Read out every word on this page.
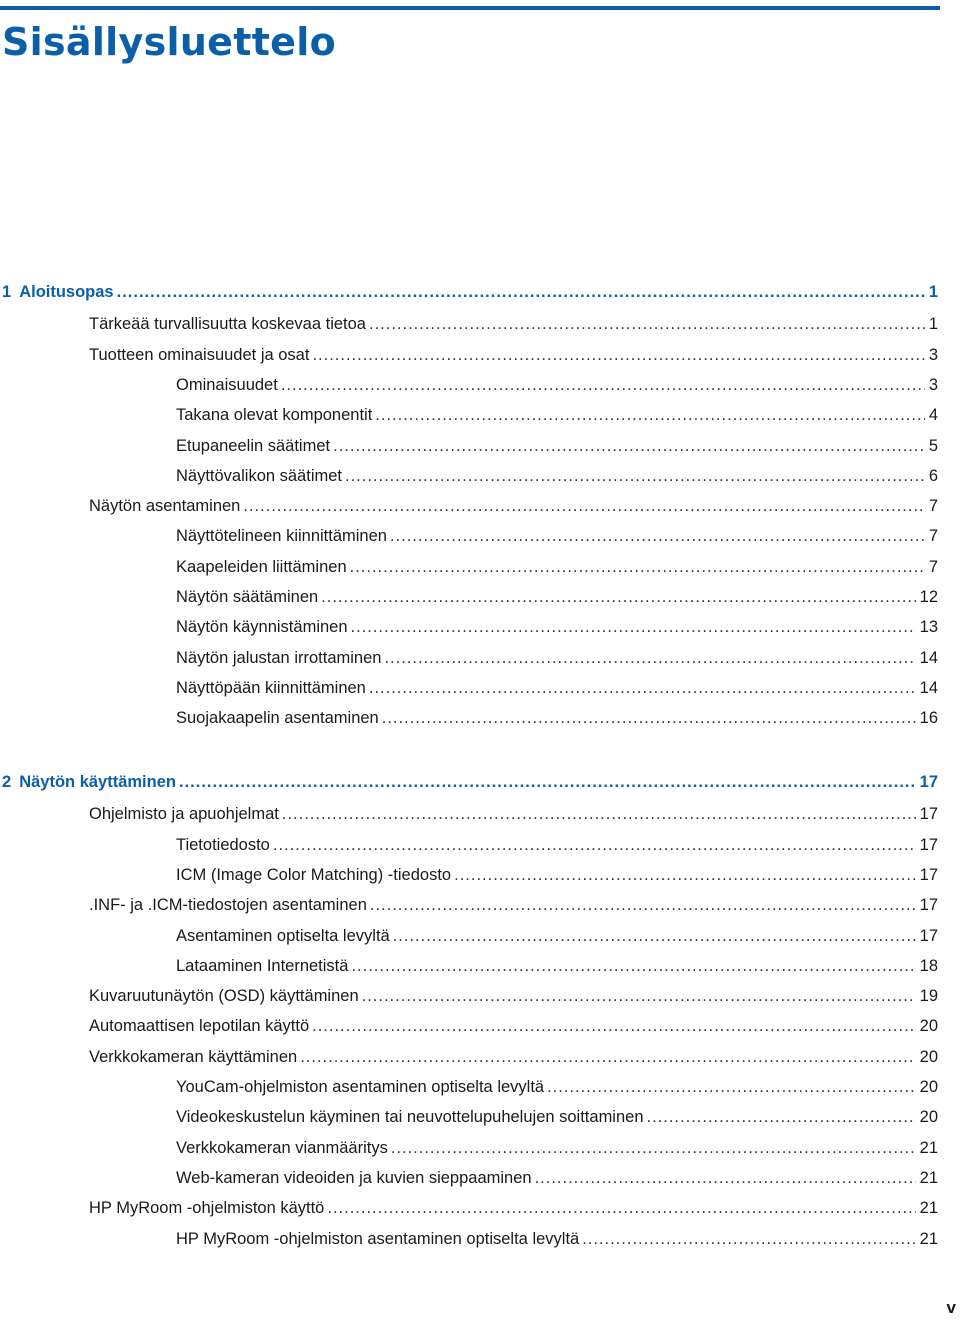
Sisällysluettelo
1 Aloitusopas .....	1
Tärkeää turvallisuutta koskevaa tietoa .....	1
Tuotteen ominaisuudet ja osat .....	3
Ominaisuudet .....	3
Takana olevat komponentit .....	4
Etupaneelin säätimet .....	5
Näyttövalikon säätimet .....	6
Näytön asentaminen .....	7
Näyttötelineen kiinnittäminen .....	7
Kaapeleiden liittäminen .....	7
Näytön säätäminen .....	12
Näytön käynnistäminen .....	13
Näytön jalustan irrottaminen .....	14
Näyttöpään kiinnittäminen .....	14
Suojakaapelin asentaminen .....	16
2 Näytön käyttäminen .....	17
Ohjelmisto ja apuohjelmat .....	17
Tietotiedosto .....	17
ICM (Image Color Matching) -tiedosto .....	17
.INF- ja .ICM-tiedostojen asentaminen .....	17
Asentaminen optiselta levyltä .....	17
Lataaminen Internetistä .....	18
Kuvaruutunäytön (OSD) käyttäminen .....	19
Automaattisen lepotilan käyttö .....	20
Verkkokameran käyttäminen .....	20
YouCam-ohjelmiston asentaminen optiselta levyltä .....	20
Videokeskustelun käyminen tai neuvottelupuhelujen soittaminen .....	20
Verkkokameran vianmääritys .....	21
Web-kameran videoiden ja kuvien sieppaaminen .....	21
HP MyRoom -ohjelmiston käyttö .....	21
HP MyRoom -ohjelmiston asentaminen optiselta levyltä .....	21
v
